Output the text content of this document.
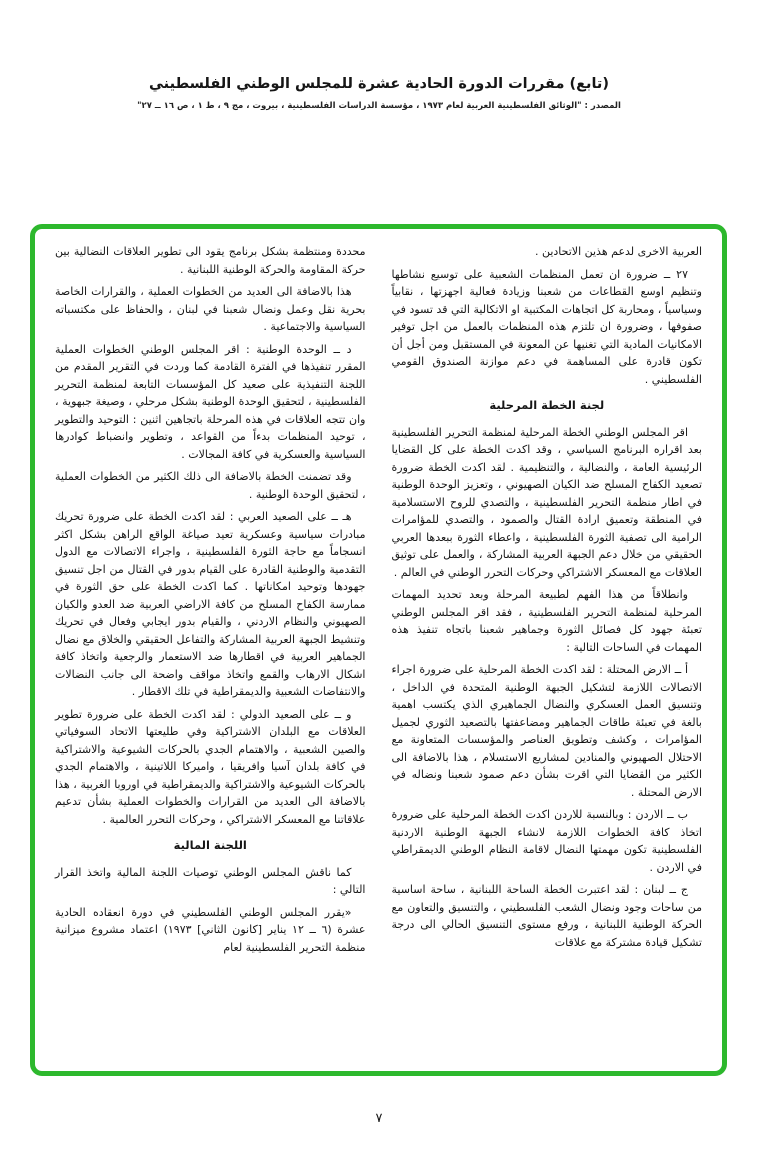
(تابع) مقررات الدورة الحادية عشرة للمجلس الوطني الفلسطيني
المصدر : "الوثائق الفلسطينية العربية لعام ١٩٧٣ ، مؤسسة الدراسات الفلسطينية ، بيروت ، مج ٩ ، ط ١ ، ص ١٦ ــ ٢٧"

العربية الاخرى لدعم هذين الاتحادين .

٢٧ ــ ضرورة ان تعمل المنظمات الشعبية على توسيع نشاطها وتنظيم اوسع القطاعات من شعبنا وزيادة فعالية اجهزتها ، نقابياً وسياسياً ، ومحاربة كل اتجاهات المكتبية او الاتكالية التي قد تسود في صفوفها ، وضرورة ان تلتزم هذه المنظمات بالعمل من اجل توفير الامكانيات المادية التي تغنيها عن المعونة في المستقبل ومن أجل أن تكون قادرة على المساهمة في دعم موازنة الصندوق القومي الفلسطيني .

لجنة الخطة المرحلية

اقر المجلس الوطني الخطة المرحلية لمنظمة التحرير الفلسطينية بعد اقراره البرنامج السياسي ، وقد اكدت الخطة على كل القضايا الرئيسية العامة ، والنضالية ، والتنظيمية . لقد اكدت الخطة ضرورة تصعيد الكفاح المسلح ضد الكيان الصهيوني ، وتعزيز الوحدة الوطنية في اطار منظمة التحرير الفلسطينية ، والتصدي للروح الاستسلامية في المنطقة وتعميق ارادة القتال والصمود ، والتصدي للمؤامرات الرامية الى تصفية الثورة الفلسطينية ، واعطاء الثورة ببعدها العربي الحقيقي من خلال دعم الجبهة العربية المشاركة ، والعمل على توثيق العلاقات مع المعسكر الاشتراكي وحركات التحرر الوطني في العالم .

وانطلاقاً من هذا الفهم لطبيعة المرحلة وبعد تحديد المهمات المرحلية لمنظمة التحرير الفلسطينية ، فقد اقر المجلس الوطني تعبئة جهود كل فصائل الثورة وجماهير شعبنا باتجاه تنفيذ هذه المهمات في الساحات التالية :

أ ــ الارض المحتلة : لقد اكدت الخطة المرحلية على ضرورة اجراء الاتصالات اللازمة لتشكيل الجبهة الوطنية المتحدة في الداخل ، وتنسيق العمل العسكري والنضال الجماهيري الذي يكتسب اهمية بالغة في تعبئة طاقات الجماهير ومضاعفتها بالتصعيد الثوري لجميل المؤامرات ، وكشف وتطويق العناصر والمؤسسات المتعاونة مع الاحتلال الصهيوني والمنادين لمشاريع الاستسلام ، هذا بالاضافة الى الكثير من القضايا التي اقرت بشأن دعم صمود شعبنا ونضاله في الارض المحتلة .

ب ــ الاردن : وبالنسبة للاردن اكدت الخطة المرحلية على ضرورة اتخاذ كافة الخطوات اللازمة لانشاء الجبهة الوطنية الاردنية الفلسطينية تكون مهمتها النضال لاقامة النظام الوطني الديمقراطي في الاردن .

ج ــ لبنان : لقد اعتبرت الخطة الساحة اللبنانية ، ساحة اساسية من ساحات وجود ونضال الشعب الفلسطيني ، والتنسيق والتعاون مع الحركة الوطنية اللبنانية ، ورفع مستوى التنسيق الحالي الى درجة تشكيل قيادة مشتركة مع علاقات

محددة ومنتظمة بشكل برنامج يقود الى تطوير العلاقات النضالية بين حركة المقاومة والحركة الوطنية اللبنانية .

هذا بالاضافة الى العديد من الخطوات العملية ، والقرارات الخاصة بحرية نقل وعمل ونضال شعبنا في لبنان ، والحفاظ على مكتسباته السياسية والاجتماعية .

د ــ الوحدة الوطنية : اقر المجلس الوطني الخطوات العملية المقرر تنفيذها في الفترة القادمة كما وردت في التقرير المقدم من اللجنة التنفيذية على صعيد كل المؤسسات التابعة لمنظمة التحرير الفلسطينية ، لتحقيق الوحدة الوطنية بشكل مرحلي ، وصيغة جبهوية ، وان تتجه العلاقات في هذه المرحلة باتجاهين اثنين : التوحيد والتطوير ، توحيد المنظمات بدءاً من القواعد ، وتطوير وانضباط كوادرها السياسية والعسكرية في كافة المجالات .

وقد تضمنت الخطة بالاضافة الى ذلك الكثير من الخطوات العملية ، لتحقيق الوحدة الوطنية .

هـ ــ على الصعيد العربي : لقد اكدت الخطة على ضرورة تحريك مبادرات سياسية وعسكرية تعيد صياغة الواقع الراهن بشكل اكثر انسجاماً مع حاجة الثورة الفلسطينية ، واجراء الاتصالات مع الدول التقدمية والوطنية القادرة على القيام بدور في القتال من اجل تنسيق جهودها وتوحيد امكاناتها . كما اكدت الخطة على حق الثورة في ممارسة الكفاح المسلح من كافة الاراضي العربية ضد العدو والكيان الصهيوني والنظام الاردني ، والقيام بدور ايجابي وفعال في تحريك وتنشيط الجبهة العربية المشاركة والتفاعل الحقيقي والخلاق مع نضال الجماهير العربية في اقطارها ضد الاستعمار والرجعية واتخاذ كافة اشكال الارهاب والقمع واتخاذ مواقف واضحة الى جانب النضالات والانتفاضات الشعبية والديمقراطية في تلك الاقطار .

و ــ على الصعيد الدولي : لقد اكدت الخطة على ضرورة تطوير العلاقات مع البلدان الاشتراكية وفي طليعتها الاتحاد السوفياتي والصين الشعبية ، والاهتمام الجدي بالحركات الشيوعية والاشتراكية في كافة بلدان آسيا وافريقيا ، واميركا اللاتينية ، والاهتمام الجدي بالحركات الشيوعية والاشتراكية والديمقراطية في اوروبا الغربية ، هذا بالاضافة الى العديد من القرارات والخطوات العملية بشأن تدعيم علاقاتنا مع المعسكر الاشتراكي ، وحركات التحرر العالمية .

اللجنة المالية

كما ناقش المجلس الوطني توصيات اللجنة المالية واتخذ القرار التالي :

«يقرر المجلس الوطني الفلسطيني في دورة انعقاده الحادية عشرة (٦ ــ ١٢ يناير [كانون الثاني] ١٩٧٣) اعتماد مشروع ميزانية منظمة التحرير الفلسطينية لعام

٧
